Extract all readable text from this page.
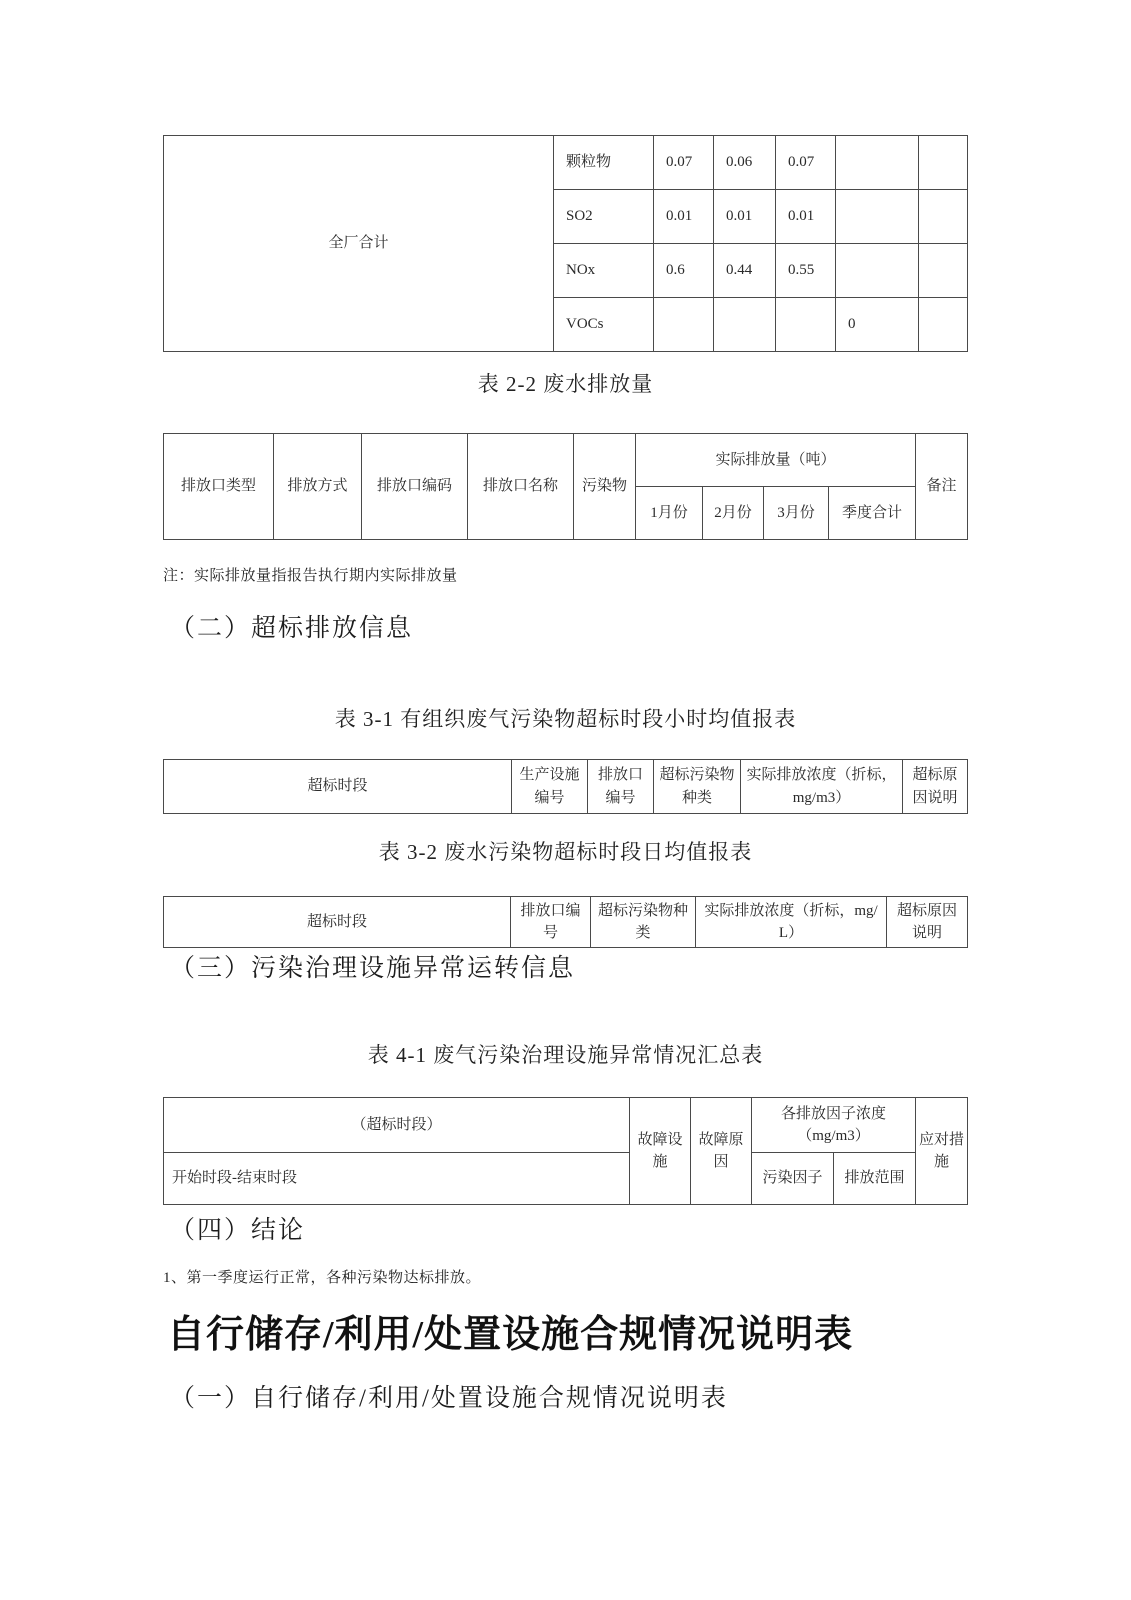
全厂合计	颗粒物	0.07	0.06	0.07		
	SO2	0.01	0.01	0.01		
	NOx	0.6	0.44	0.55		
	VOCs				0	
表 2-2 废水排放量
排放口类型	排放方式	排放口编码	排放口名称	污染物	实际排放量（吨）				备注
					1月份	2月份	3月份	季度合计	
注：实际排放量指报告执行期内实际排放量
（二）超标排放信息
表 3-1 有组织废气污染物超标时段小时均值报表
超标时段	生产设施编号	排放口编号	超标污染物种类	实际排放浓度（折标，mg/m3）	超标原因说明
表 3-2 废水污染物超标时段日均值报表
超标时段	排放口编号	超标污染物种类	实际排放浓度（折标，mg/L）	超标原因说明
（三）污染治理设施异常运转信息
表 4-1 废气污染治理设施异常情况汇总表
（超标时段）	故障设施	故障原因	各排放因子浓度（mg/m3）		应对措施
开始时段-结束时段			污染因子	排放范围	
（四）结论
1、第一季度运行正常，各种污染物达标排放。
自行储存/利用/处置设施合规情况说明表
（一）自行储存/利用/处置设施合规情况说明表
